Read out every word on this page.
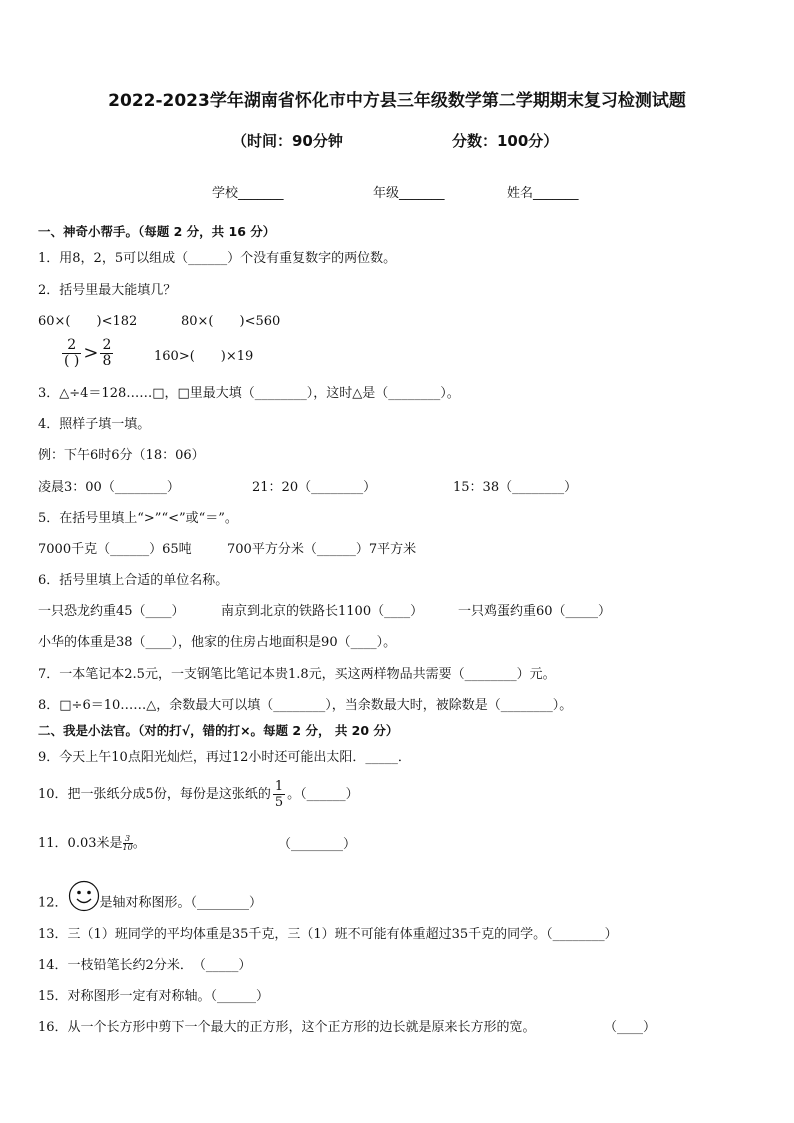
2022-2023学年湖南省怀化市中方县三年级数学第二学期期末复习检测试题
（时间：90分钟	分数：100分）
学校_______	年级_______	姓名_______
一、神奇小帮手。（每题 2 分，共 16 分）
1．用8，2，5可以组成（______）个没有重复数字的两位数。
2．括号里最大能填几？
60×(　　)<182	80×(　　)<560
$\frac{2}{( )} > \frac{2}{8}$	160>(　　)×19
3．△÷4＝128……□，□里最大填（________），这时△是（________）。
4．照样子填一填。
例：下午6时6分（18：06）
凌晨3：00（________）	21：20（________）	15：38（________）
5．在括号里填上“>”“<”或“＝”。
7000千克（______）65吨	700平方分米（______）7平方米
6．括号里填上合适的单位名称。
一只恐龙约重45（____）	南京到北京的铁路长1100（____）	一只鸡蛋约重60（_____）
小华的体重是38（____），他家的住房占地面积是90（____）。
7．一本笔记本2.5元，一支钢笔比笔记本贵1.8元，买这两样物品共需要（________）元。
8．□÷6＝10……△，余数最大可以填（________），当余数最大时，被除数是（________）。
二、我是小法官。（对的打√，错的打×。每题 2 分， 共 20 分）
9．今天上午10点阳光灿烂，再过12小时还可能出太阳．_____．
10．把一张纸分成5份，每份是这张纸的 $\frac{1}{5}$ 。（______）
11．0.03米是 $\frac{3}{10}$ 。	（________）
12． 是轴对称图形。（________）
13．三（1）班同学的平均体重是35千克，三（1）班不可能有体重超过35千克的同学。（________）
14．一枝铅笔长约2分米．　（_____）
15．对称图形一定有对称轴。（______）
16．从一个长方形中剪下一个最大的正方形，这个正方形的边长就是原来长方形的宽。	（____）
